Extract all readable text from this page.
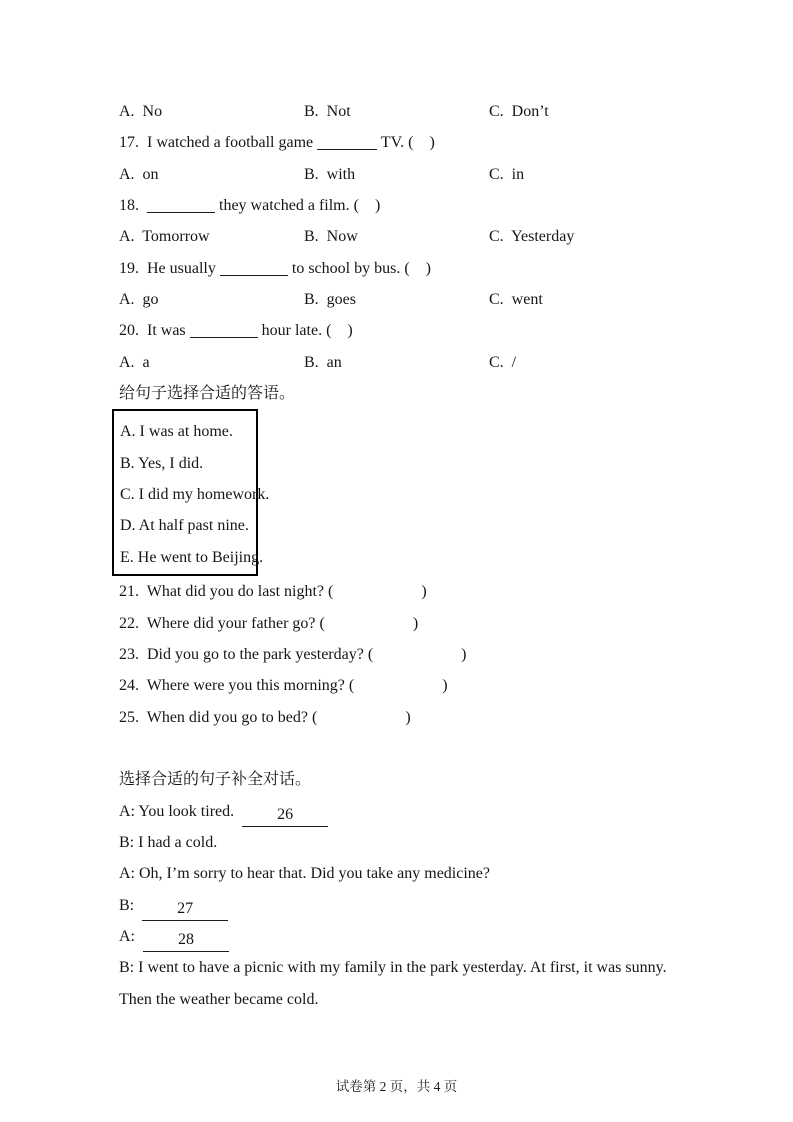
A.  No	B.  Not	C.  Don’t
17.  I watched a football game	TV. (    )
A.  on	B.  with	C.  in
18.	they watched a film. (    )
A.  Tomorrow	B.  Now	C.  Yesterday
19.  He usually	to school by bus. (    )
A.  go	B.  goes	C.  went
20.  It was	hour late. (    )
A.  a	B.  an	C.  /
给句子选择合适的答语。
A. I was at home.
B. Yes, I did.
C. I did my homework.
D. At half past nine.
E. He went to Beijing.
21.  What did you do last night? (                      )
22.  Where did your father go? (                      )
23.  Did you go to the park yesterday? (                      )
24.  Where were you this morning? (                      )
25.  When did you go to bed? (                      )
选择合适的句子补全对话。
A: You look tired.  26
B: I had a cold.
A: Oh, I’m sorry to hear that. Did you take any medicine?
B:  27
A:  28
B: I went to have a picnic with my family in the park yesterday. At first, it was sunny. Then the weather became cold.
试卷第 2 页，共 4 页
